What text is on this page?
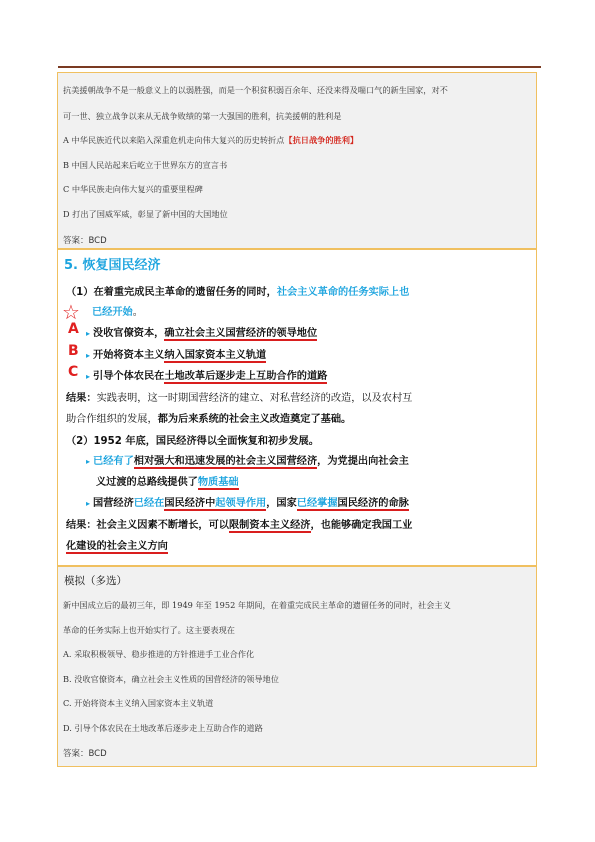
抗美援朝战争不是一般意义上的以弱胜强，而是一个积贫积弱百余年、还没来得及喘口气的新生国家，对不
可一世、独立战争以来从无战争败绩的第一大强国的胜利，抗美援朝的胜利是
A 中华民族近代以来陷入深重危机走向伟大复兴的历史转折点【抗日战争的胜利】
B 中国人民站起来后屹立于世界东方的宣言书
C 中华民族走向伟大复兴的重要里程碑
D 打出了国威军威，彰显了新中国的大国地位
答案：BCD
5. 恢复国民经济
（1）在着重完成民主革命的遗留任务的同时，社会主义革命的任务实际上也
☆ 已经开始。
A ▸ 没收官僚资本，确立社会主义国营经济的领导地位
B ▸ 开始将资本主义纳入国家资本主义轨道
C ▸ 引导个体农民在土地改革后逐步走上互助合作的道路
结果：实践表明，这一时期国营经济的建立、对私营经济的改造，以及农村互
助合作组织的发展，都为后来系统的社会主义改造奠定了基础。
（2）1952 年底，国民经济得以全面恢复和初步发展。
▸ 已经有了相对强大和迅速发展的社会主义国营经济，为党提出向社会主
义过渡的总路线提供了物质基础
▸ 国营经济已经在国民经济中起领导作用，国家已经掌握国民经济的命脉
结果：社会主义因素不断增长，可以限制资本主义经济，也能够确定我国工业
化建设的社会主义方向
模拟（多选）
新中国成立后的最初三年，即 1949 年至 1952 年期间，在着重完成民主革命的遗留任务的同时，社会主义
革命的任务实际上也开始实行了。这主要表现在
A. 采取积极领导、稳步推进的方针推进手工业合作化
B. 没收官僚资本，确立社会主义性质的国营经济的领导地位
C. 开始将资本主义纳入国家资本主义轨道
D. 引导个体农民在土地改革后逐步走上互助合作的道路
答案：BCD
